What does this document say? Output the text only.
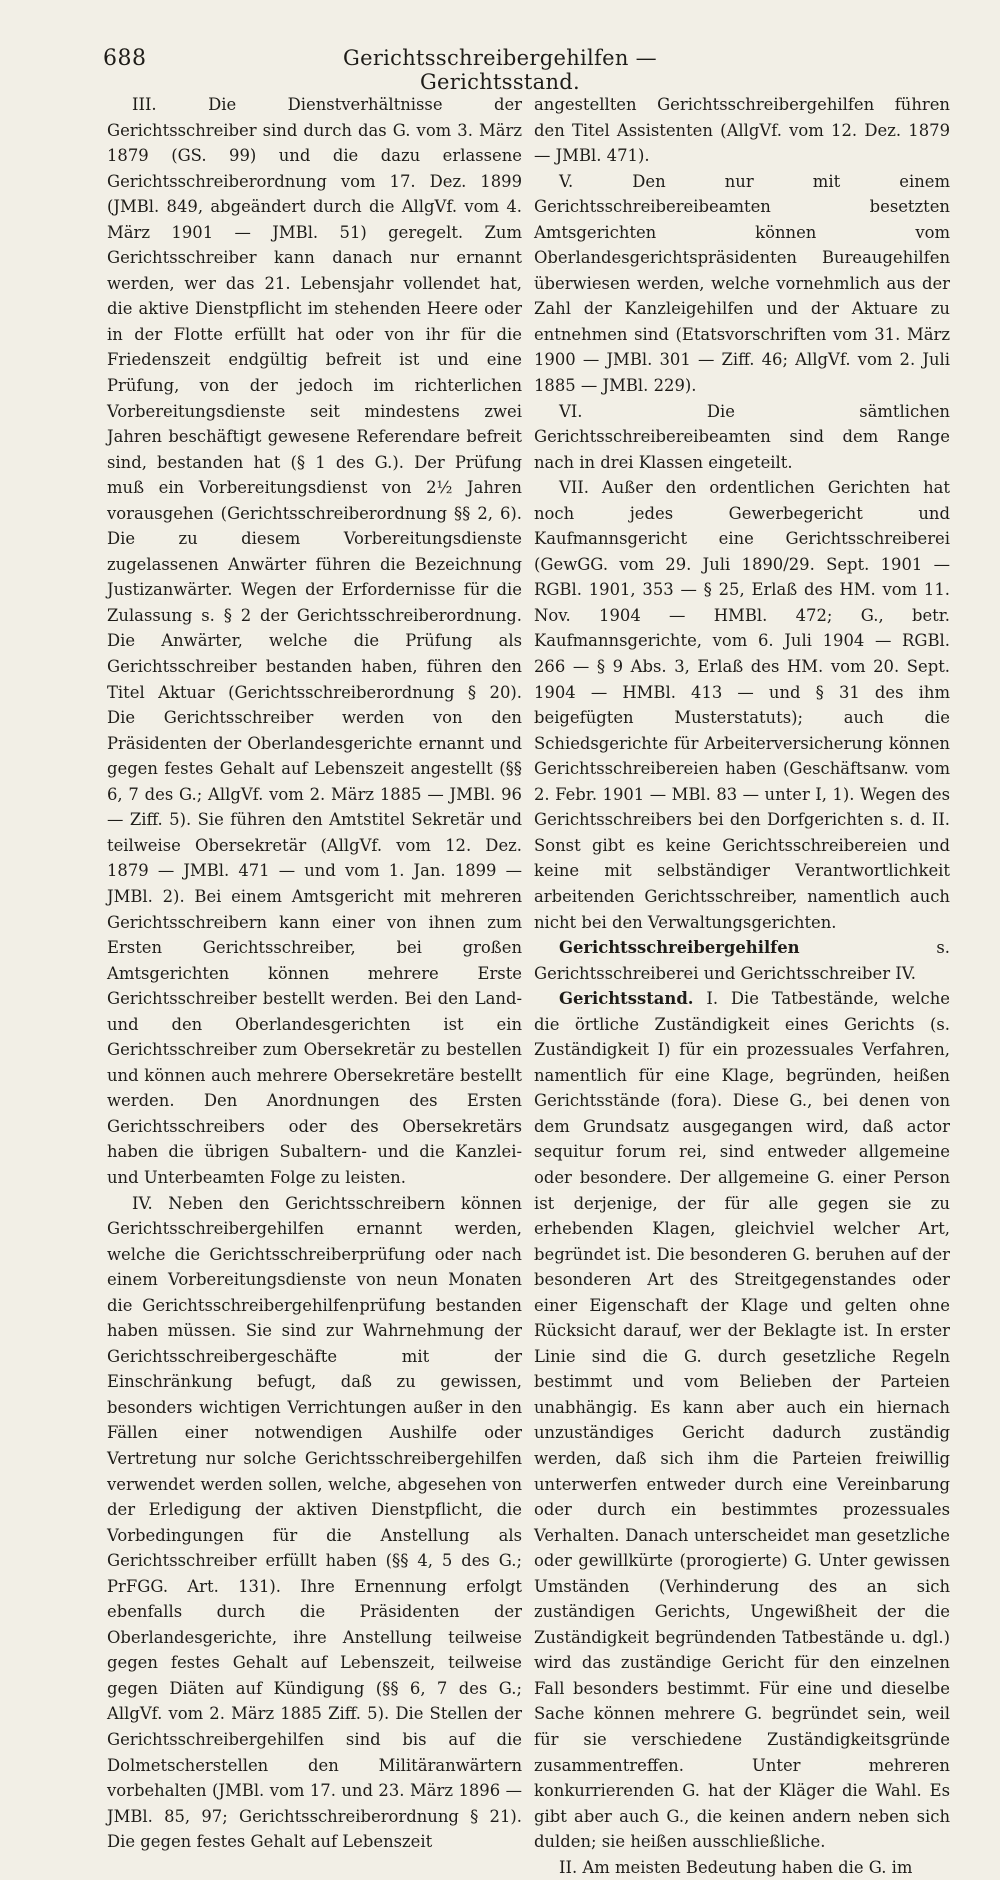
688	Gerichtsschreibergehilfen — Gerichtsstand.

III. Die Dienstverhältnisse der Gerichtsschreiber sind durch das G. vom 3. März 1879 (GS. 99) und die dazu erlassene Gerichtsschreiberordnung vom 17. Dez. 1899 (JMBl. 849, abgeändert durch die AllgVf. vom 4. März 1901 — JMBl. 51) geregelt. Zum Gerichtsschreiber kann danach nur ernannt werden, wer das 21. Lebensjahr vollendet hat, die aktive Dienstpflicht im stehenden Heere oder in der Flotte erfüllt hat oder von ihr für die Friedenszeit endgültig befreit ist und eine Prüfung, von der jedoch im richterlichen Vorbereitungsdienste seit mindestens zwei Jahren beschäftigt gewesene Referendare befreit sind, bestanden hat (§ 1 des G.). Der Prüfung muß ein Vorbereitungsdienst von 2½ Jahren vorausgehen (Gerichtsschreiberordnung §§ 2, 6). Die zu diesem Vorbereitungsdienste zugelassenen Anwärter führen die Bezeichnung Justizanwärter. Wegen der Erfordernisse für die Zulassung s. § 2 der Gerichtsschreiberordnung. Die Anwärter, welche die Prüfung als Gerichtsschreiber bestanden haben, führen den Titel Aktuar (Gerichtsschreiberordnung § 20). Die Gerichtsschreiber werden von den Präsidenten der Oberlandesgerichte ernannt und gegen festes Gehalt auf Lebenszeit angestellt (§§ 6, 7 des G.; AllgVf. vom 2. März 1885 — JMBl. 96 — Ziff. 5). Sie führen den Amtstitel Sekretär und teilweise Obersekretär (AllgVf. vom 12. Dez. 1879 — JMBl. 471 — und vom 1. Jan. 1899 — JMBl. 2). Bei einem Amtsgericht mit mehreren Gerichtsschreibern kann einer von ihnen zum Ersten Gerichtsschreiber, bei großen Amtsgerichten können mehrere Erste Gerichtsschreiber bestellt werden. Bei den Land- und den Oberlandesgerichten ist ein Gerichtsschreiber zum Obersekretär zu bestellen und können auch mehrere Obersekretäre bestellt werden. Den Anordnungen des Ersten Gerichtsschreibers oder des Obersekretärs haben die übrigen Subaltern- und die Kanzlei- und Unterbeamten Folge zu leisten.

IV. Neben den Gerichtsschreibern können Gerichtsschreibergehilfen ernannt werden, welche die Gerichtsschreiberprüfung oder nach einem Vorbereitungsdienste von neun Monaten die Gerichtsschreibergehilfenprüfung bestanden haben müssen. Sie sind zur Wahrnehmung der Gerichtsschreibergeschäfte mit der Einschränkung befugt, daß zu gewissen, besonders wichtigen Verrichtungen außer in den Fällen einer notwendigen Aushilfe oder Vertretung nur solche Gerichtsschreibergehilfen verwendet werden sollen, welche, abgesehen von der Erledigung der aktiven Dienstpflicht, die Vorbedingungen für die Anstellung als Gerichtsschreiber erfüllt haben (§§ 4, 5 des G.; PrFGG. Art. 131). Ihre Ernennung erfolgt ebenfalls durch die Präsidenten der Oberlandesgerichte, ihre Anstellung teilweise gegen festes Gehalt auf Lebenszeit, teilweise gegen Diäten auf Kündigung (§§ 6, 7 des G.; AllgVf. vom 2. März 1885 Ziff. 5). Die Stellen der Gerichtsschreibergehilfen sind bis auf die Dolmetscherstellen den Militäranwärtern vorbehalten (JMBl. vom 17. und 23. März 1896 — JMBl. 85, 97; Gerichtsschreiberordnung § 21). Die gegen festes Gehalt auf Lebenszeit

angestellten Gerichtsschreibergehilfen führen den Titel Assistenten (AllgVf. vom 12. Dez. 1879 — JMBl. 471).

V. Den nur mit einem Gerichtsschreibereibeamten besetzten Amtsgerichten können vom Oberlandesgerichtspräsidenten Bureaugehilfen überwiesen werden, welche vornehmlich aus der Zahl der Kanzleigehilfen und der Aktuare zu entnehmen sind (Etatsvorschriften vom 31. März 1900 — JMBl. 301 — Ziff. 46; AllgVf. vom 2. Juli 1885 — JMBl. 229).

VI. Die sämtlichen Gerichtsschreibereibeamten sind dem Range nach in drei Klassen eingeteilt.

VII. Außer den ordentlichen Gerichten hat noch jedes Gewerbegericht und Kaufmannsgericht eine Gerichtsschreiberei (GewGG. vom 29. Juli 1890/29. Sept. 1901 — RGBl. 1901, 353 — § 25, Erlaß des HM. vom 11. Nov. 1904 — HMBl. 472; G., betr. Kaufmannsgerichte, vom 6. Juli 1904 — RGBl. 266 — § 9 Abs. 3, Erlaß des HM. vom 20. Sept. 1904 — HMBl. 413 — und § 31 des ihm beigefügten Musterstatuts); auch die Schiedsgerichte für Arbeiterversicherung können Gerichtsschreibereien haben (Geschäftsanw. vom 2. Febr. 1901 — MBl. 83 — unter I, 1). Wegen des Gerichtsschreibers bei den Dorfgerichten s. d. II. Sonst gibt es keine Gerichtsschreibereien und keine mit selbständiger Verantwortlichkeit arbeitenden Gerichtsschreiber, namentlich auch nicht bei den Verwaltungsgerichten.

Gerichtsschreibergehilfen s. Gerichtsschreiberei und Gerichtsschreiber IV.

Gerichtsstand. I. Die Tatbestände, welche die örtliche Zuständigkeit eines Gerichts (s. Zuständigkeit I) für ein prozessuales Verfahren, namentlich für eine Klage, begründen, heißen Gerichtsstände (fora). Diese G., bei denen von dem Grundsatz ausgegangen wird, daß actor sequitur forum rei, sind entweder allgemeine oder besondere. Der allgemeine G. einer Person ist derjenige, der für alle gegen sie zu erhebenden Klagen, gleichviel welcher Art, begründet ist. Die besonderen G. beruhen auf der besonderen Art des Streitgegenstandes oder einer Eigenschaft der Klage und gelten ohne Rücksicht darauf, wer der Beklagte ist. In erster Linie sind die G. durch gesetzliche Regeln bestimmt und vom Belieben der Parteien unabhängig. Es kann aber auch ein hiernach unzuständiges Gericht dadurch zuständig werden, daß sich ihm die Parteien freiwillig unterwerfen entweder durch eine Vereinbarung oder durch ein bestimmtes prozessuales Verhalten. Danach unterscheidet man gesetzliche oder gewillkürte (prorogierte) G. Unter gewissen Umständen (Verhinderung des an sich zuständigen Gerichts, Ungewißheit der die Zuständigkeit begründenden Tatbestände u. dgl.) wird das zuständige Gericht für den einzelnen Fall besonders bestimmt. Für eine und dieselbe Sache können mehrere G. begründet sein, weil für sie verschiedene Zuständigkeitsgründe zusammentreffen. Unter mehreren konkurrierenden G. hat der Kläger die Wahl. Es gibt aber auch G., die keinen andern neben sich dulden; sie heißen ausschließliche.

II. Am meisten Bedeutung haben die G. im
